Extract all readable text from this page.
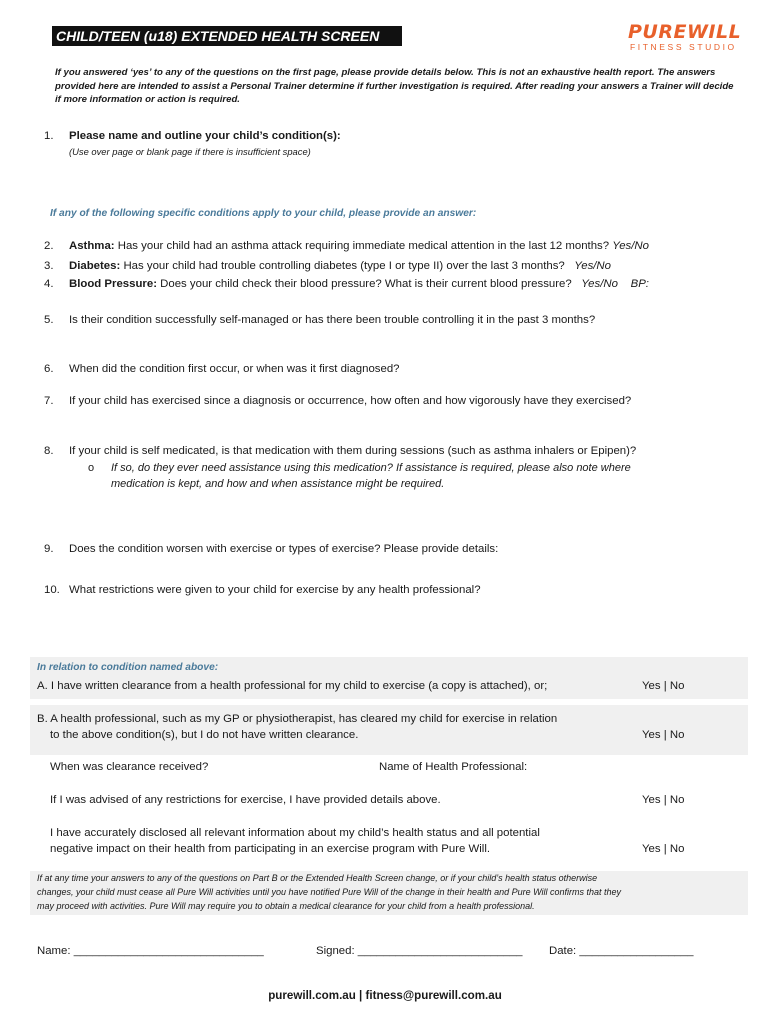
CHILD/TEEN (u18) EXTENDED HEALTH SCREEN	PUREWILL
FITNESS STUDIO
If you answered ‘yes’ to any of the questions on the first page, please provide details below. This is not an exhaustive health report. The answers provided here are intended to assist a Personal Trainer determine if further investigation is required. After reading your answers a Trainer will decide if more information or action is required.
1. Please name and outline your child’s condition(s):
(Use over page or blank page if there is insufficient space)
If any of the following specific conditions apply to your child, please provide an answer:
2. Asthma: Has your child had an asthma attack requiring immediate medical attention in the last 12 months? Yes/No
3. Diabetes: Has your child had trouble controlling diabetes (type I or type II) over the last 3 months? Yes/No
4. Blood Pressure: Does your child check their blood pressure? What is their current blood pressure? Yes/No BP:
5. Is their condition successfully self-managed or has there been trouble controlling it in the past 3 months?
6. When did the condition first occur, or when was it first diagnosed?
7. If your child has exercised since a diagnosis or occurrence, how often and how vigorously have they exercised?
8. If your child is self medicated, is that medication with them during sessions (such as asthma inhalers or Epipen)?
o If so, do they ever need assistance using this medication? If assistance is required, please also note where
medication is kept, and how and when assistance might be required.
9. Does the condition worsen with exercise or types of exercise? Please provide details:
10. What restrictions were given to your child for exercise by any health professional?
In relation to condition named above:
A. I have written clearance from a health professional for my child to exercise (a copy is attached), or;	Yes | No
B. A health professional, such as my GP or physiotherapist, has cleared my child for exercise in relation
to the above condition(s), but I do not have written clearance.	Yes | No
When was clearance received?	Name of Health Professional:
If I was advised of any restrictions for exercise, I have provided details above.	Yes | No
I have accurately disclosed all relevant information about my child’s health status and all potential
negative impact on their health from participating in an exercise program with Pure Will.	Yes | No
If at any time your answers to any of the questions on Part B or the Extended Health Screen change, or if your child’s health status otherwise
changes, your child must cease all Pure Will activities until you have notified Pure Will of the change in their health and Pure Will confirms that they
may proceed with activities. Pure Will may require you to obtain a medical clearance for your child from a health professional.
Name: ______________________________	Signed: __________________________ Date: __________________
purewill.com.au | fitness@purewill.com.au
